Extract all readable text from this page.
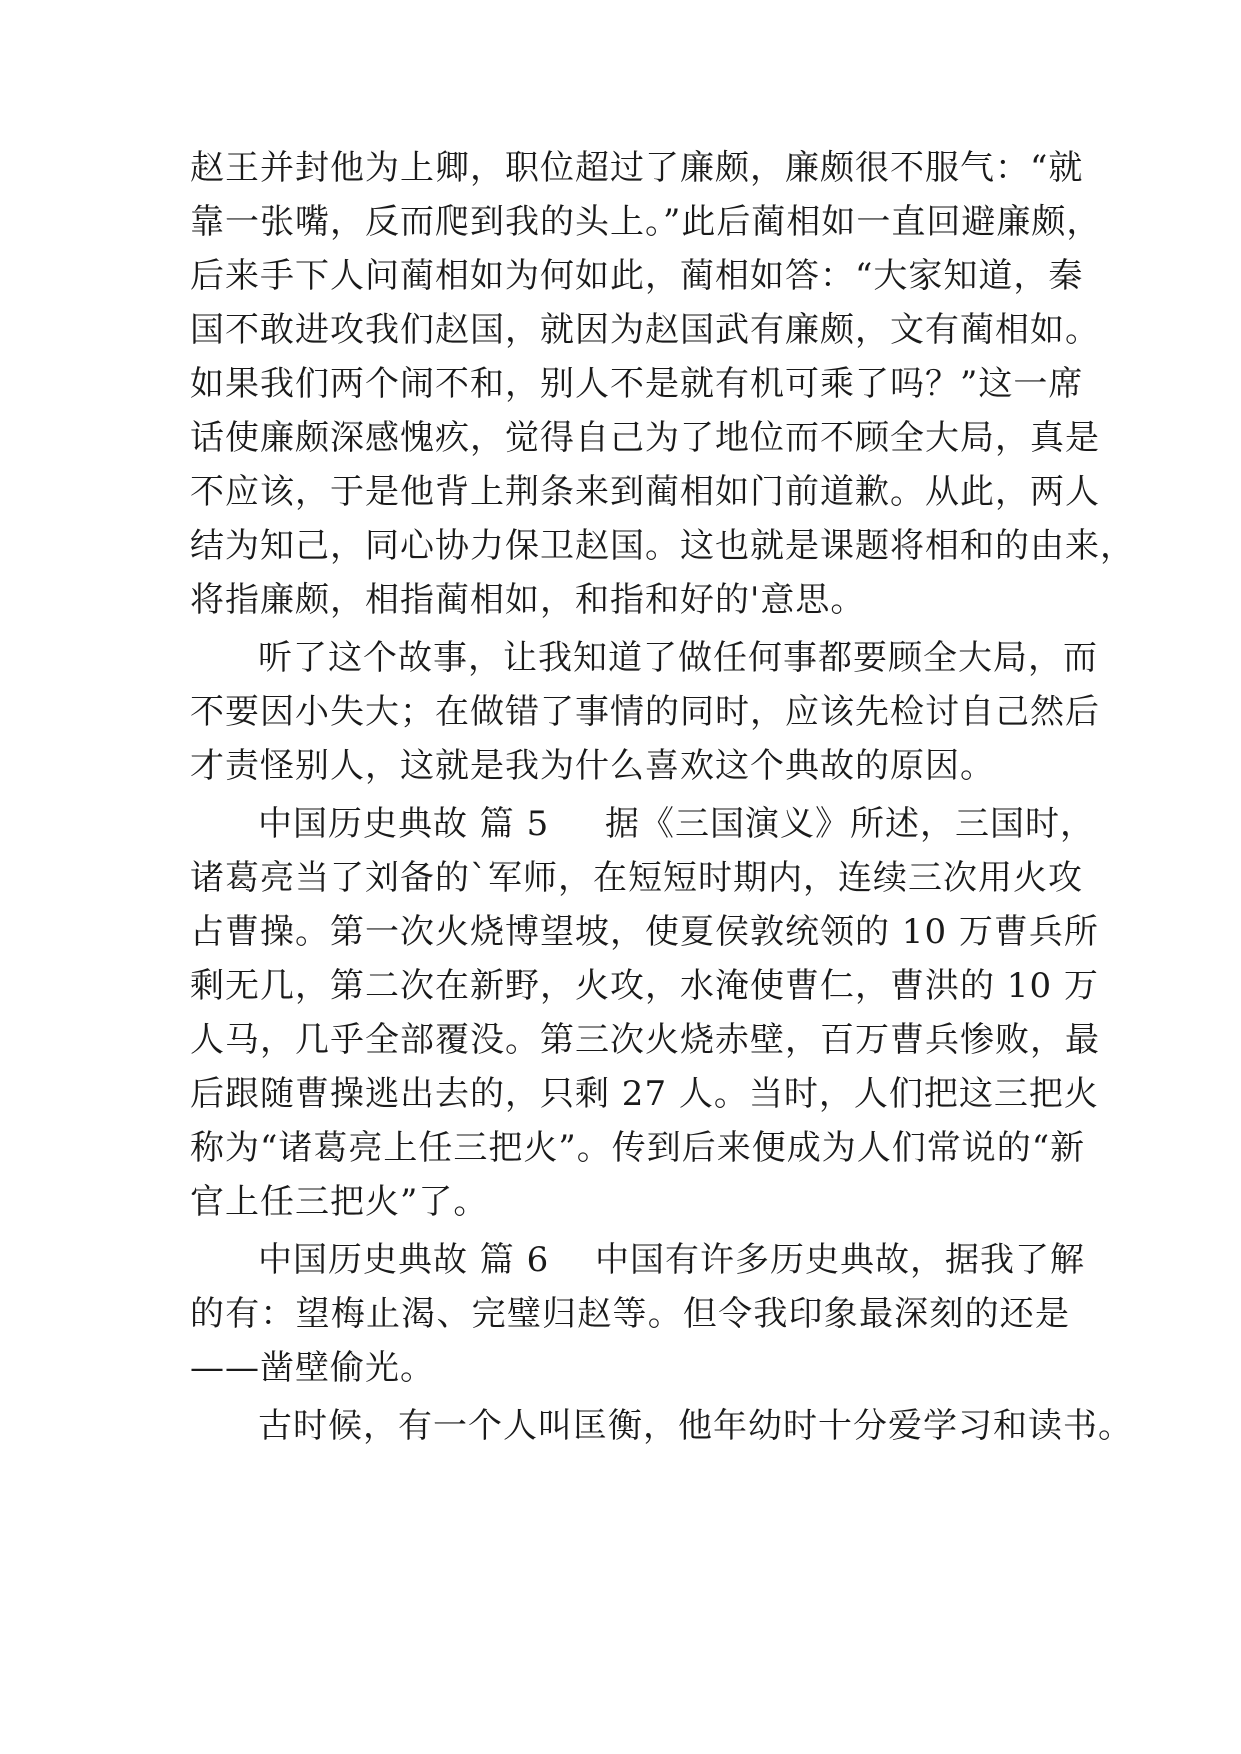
赵王并封他为上卿，职位超过了廉颇，廉颇很不服气：“就
靠一张嘴，反而爬到我的头上。”此后蔺相如一直回避廉颇，
后来手下人问蔺相如为何如此，蔺相如答：“大家知道，秦
国不敢进攻我们赵国，就因为赵国武有廉颇，文有蔺相如。
如果我们两个闹不和，别人不是就有机可乘了吗？”这一席
话使廉颇深感愧疚，觉得自己为了地位而不顾全大局，真是
不应该，于是他背上荆条来到蔺相如门前道歉。从此，两人
结为知己，同心协力保卫赵国。这也就是课题将相和的由来，
将指廉颇，相指蔺相如，和指和好的'意思。
听了这个故事，让我知道了做任何事都要顾全大局，而
不要因小失大；在做错了事情的同时，应该先检讨自己然后
才责怪别人，这就是我为什么喜欢这个典故的原因。
中国历史典故 篇 5 据《三国演义》所述，三国时，
诸葛亮当了刘备的`军师，在短短时期内，连续三次用火攻
占曹操。第一次火烧博望坡，使夏侯敦统领的 10 万曹兵所
剩无几，第二次在新野，火攻，水淹使曹仁，曹洪的 10 万
人马，几乎全部覆没。第三次火烧赤壁，百万曹兵惨败，最
后跟随曹操逃出去的，只剩 27 人。当时，人们把这三把火
称为“诸葛亮上任三把火”。传到后来便成为人们常说的“新
官上任三把火”了。
中国历史典故 篇 6 中国有许多历史典故，据我了解
的有：望梅止渴、完璧归赵等。但令我印象最深刻的还是
——凿壁偷光。
古时候，有一个人叫匡衡，他年幼时十分爱学习和读书。
